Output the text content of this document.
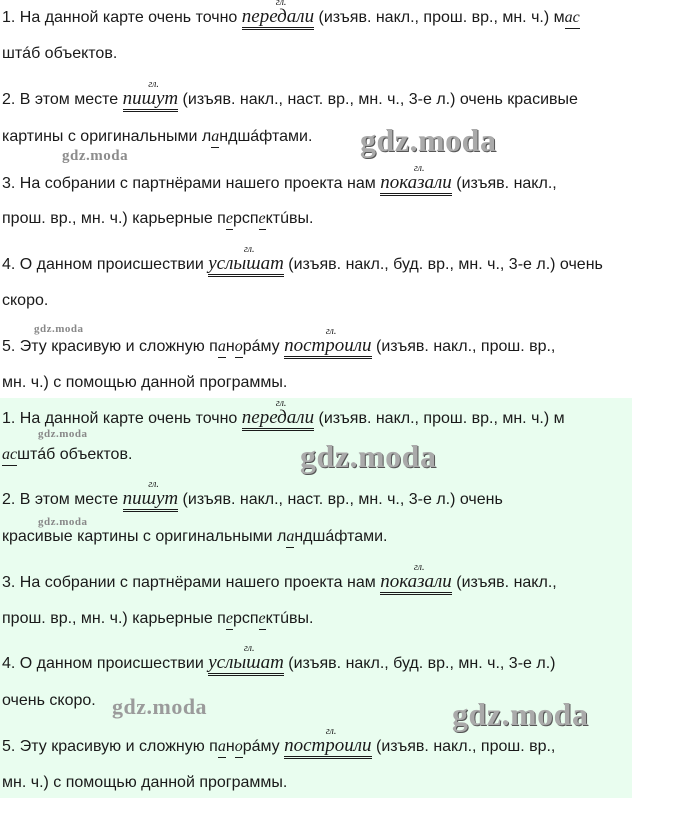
1. На данной карте очень точно
гл.
передали (изъяв. накл., прош. вр., мн. ч.) мас
штáб объектов.
2. В этом месте
гл.
пишут (изъяв. накл., наст. вр., мн. ч., 3-е л.) очень красивые
картины с оригинальными ландшáфтами.
3. На собрании с партнёрами нашего проекта нам
гл.
показали (изъяв. накл.,
прош. вр., мн. ч.) карьерные перспектúвы.
4. О данном происшествии
гл.
услышат (изъяв. накл., буд. вр., мн. ч., 3-е л.) очень
скоро.
5. Эту красивую и сложную панорáму
гл.
построили (изъяв. накл., прош. вр.,
мн. ч.) с помощью данной программы.
1. На данной карте очень точно
гл.
передали (изъяв. накл., прош. вр., мн. ч.) м
асштáб объектов.
2. В этом месте
гл.
пишут (изъяв. накл., наст. вр., мн. ч., 3-е л.) очень
красивые картины с оригинальными ландшáфтами.
3. На собрании с партнёрами нашего проекта нам
гл.
показали (изъяв. накл.,
прош. вр., мн. ч.) карьерные перспектúвы.
4. О данном происшествии
гл.
услышат (изъяв. накл., буд. вр., мн. ч., 3-е л.)
очень скоро.
5. Эту красивую и сложную панорáму
гл.
построили (изъяв. накл., прош. вр.,
мн. ч.) с помощью данной программы.
gdz.moda
gdz.moda
gdz.moda
gdz.moda
gdz.moda
gdz.moda
gdz.moda	gdz.moda
